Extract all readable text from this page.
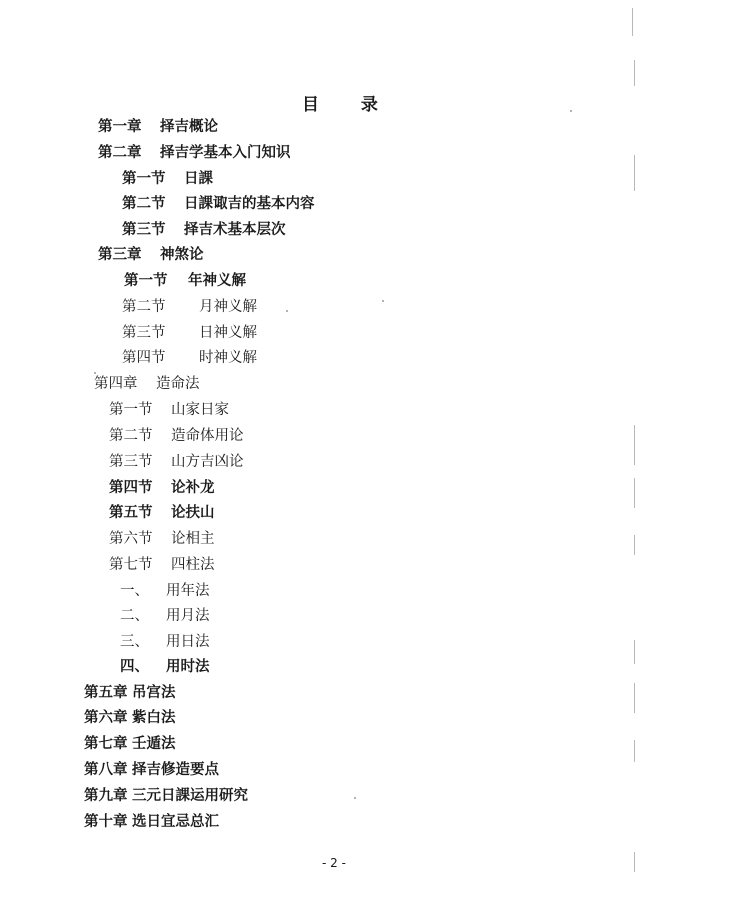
目 录
第一章 择吉概论
第二章 择吉学基本入门知识
第一节 日課
第二节 日課诹吉的基本内容
第三节 择吉术基本层次
第三章 神煞论
第一节 年神义解
第二节 月神义解
第三节 日神义解
第四节 时神义解
第四章 造命法
第一节 山家日家
第二节 造命体用论
第三节 山方吉凶论
第四节 论补龙
第五节 论扶山
第六节 论相主
第七节 四柱法
一、 用年法
二、 用月法
三、 用日法
四、 用时法
第五章 吊宫法
第六章 紫白法
第七章 壬遁法
第八章 择吉修造要点
第九章 三元日課运用研究
第十章 选日宜忌总汇
- 2 -
